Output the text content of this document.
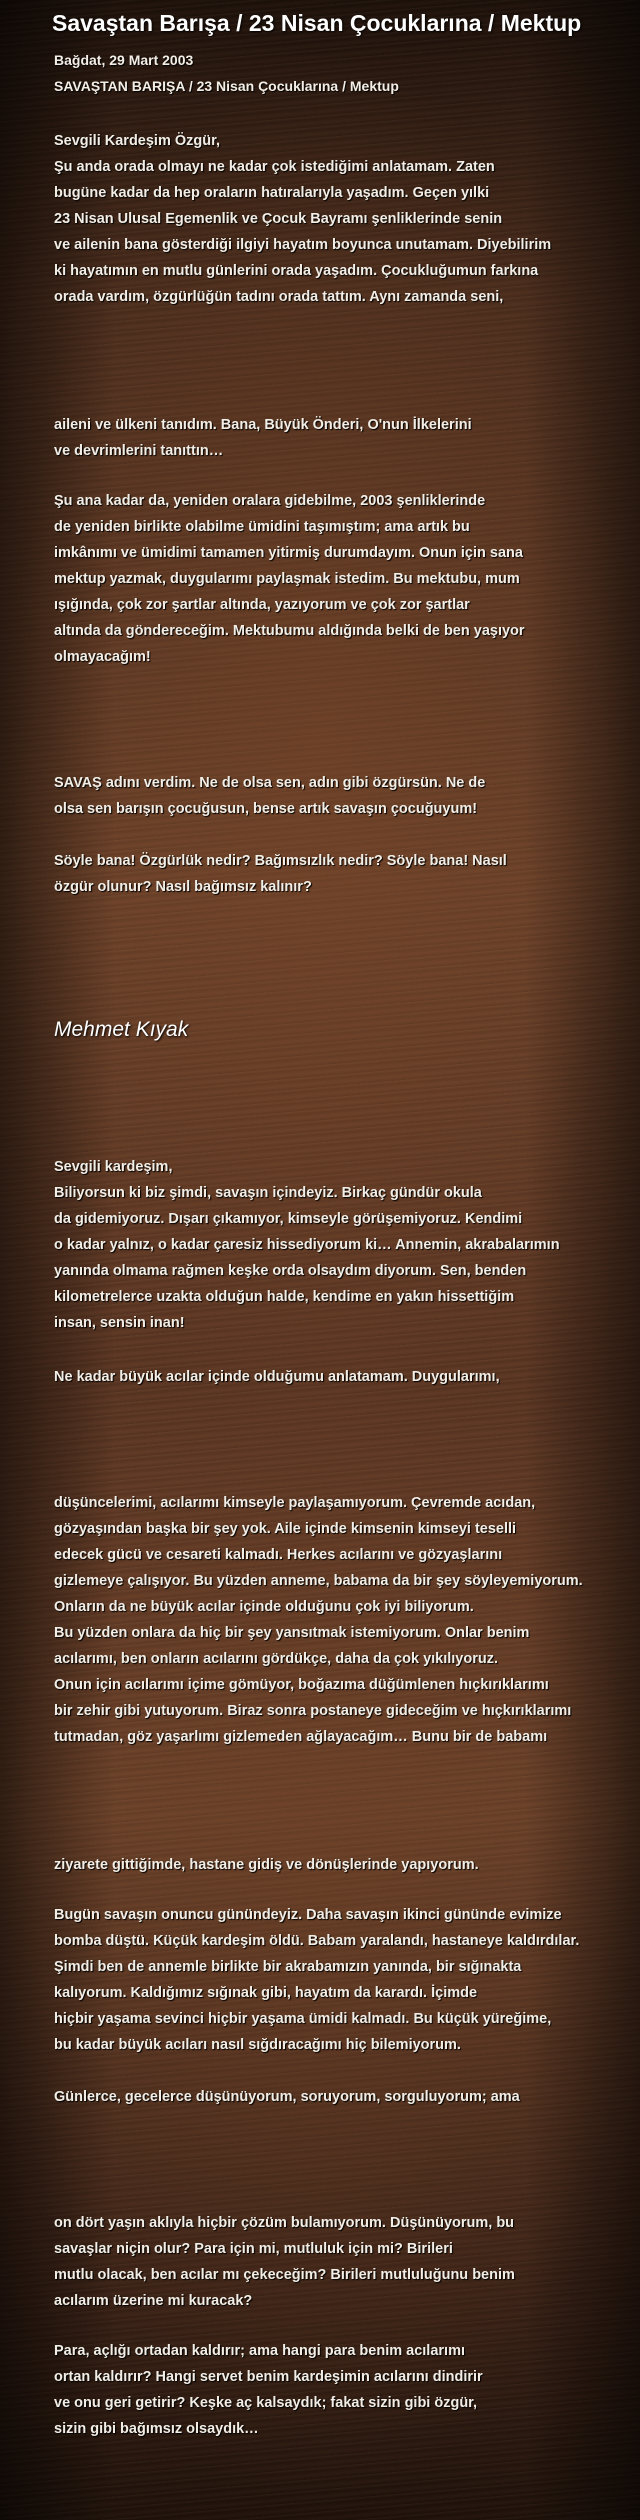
Savaştan Barışa / 23 Nisan Çocuklarına / Mektup
Bağdat, 29 Mart 2003
SAVAŞTAN BARIŞA / 23 Nisan Çocuklarına / Mektup
Sevgili Kardeşim Özgür,
Şu anda orada olmayı ne kadar çok istediğimi anlatamam. Zaten
bugüne kadar da hep oraların hatıralarıyla yaşadım. Geçen yılki
23 Nisan Ulusal Egemenlik ve Çocuk Bayramı şenliklerinde senin
ve ailenin bana gösterdiği ilgiyi hayatım boyunca unutamam. Diyebilirim
ki hayatımın en mutlu günlerini orada yaşadım. Çocukluğumun farkına
orada vardım, özgürlüğün tadını orada tattım. Aynı zamanda seni,
aileni ve ülkeni tanıdım. Bana, Büyük Önderi, O'nun İlkelerini
ve devrimlerini tanıttın…
Şu ana kadar da, yeniden oralara gidebilme, 2003 şenliklerinde
de yeniden birlikte olabilme ümidini taşımıştım; ama artık bu
imkânımı ve ümidimi tamamen yitirmiş durumdayım. Onun için sana
mektup yazmak, duygularımı paylaşmak istedim. Bu mektubu, mum
ışığında, çok zor şartlar altında, yazıyorum ve çok zor şartlar
altında da göndereceğim. Mektubumu aldığında belki de ben yaşıyor
olmayacağım!
SAVAŞ adını verdim. Ne de olsa sen, adın gibi özgürsün. Ne de
olsa sen barışın çocuğusun, bense artık savaşın çocuğuyum!
Söyle bana! Özgürlük nedir? Bağımsızlık nedir? Söyle bana! Nasıl
özgür olunur? Nasıl bağımsız kalınır?
Mehmet Kıyak
Sevgili kardeşim,
Biliyorsun ki biz şimdi, savaşın içindeyiz. Birkaç gündür okula
da gidemiyoruz. Dışarı çıkamıyor, kimseyle görüşemiyoruz. Kendimi
o kadar yalnız, o kadar çaresiz hissediyorum ki… Annemin, akrabalarımın
yanında olmama rağmen keşke orda olsaydım diyorum. Sen, benden
kilometrelerce uzakta olduğun halde, kendime en yakın hissettiğim
insan, sensin inan!
Ne kadar büyük acılar içinde olduğumu anlatamam. Duygularımı,
düşüncelerimi, acılarımı kimseyle paylaşamıyorum. Çevremde acıdan,
gözyaşından başka bir şey yok. Aile içinde kimsenin kimseyi teselli
edecek gücü ve cesareti kalmadı. Herkes acılarını ve gözyaşlarını
gizlemeye çalışıyor. Bu yüzden anneme, babama da bir şey söyleyemiyorum.
Onların da ne büyük acılar içinde olduğunu çok iyi biliyorum.
Bu yüzden onlara da hiç bir şey yansıtmak istemiyorum. Onlar benim
acılarımı, ben onların acılarını gördükçe, daha da çok yıkılıyoruz.
Onun için acılarımı içime gömüyor, boğazıma düğümlenen hıçkırıklarımı
bir zehir gibi yutuyorum. Biraz sonra postaneye gideceğim ve hıçkırıklarımı
tutmadan, göz yaşarlımı gizlemeden ağlayacağım… Bunu bir de babamı
ziyarete gittiğimde, hastane gidiş ve dönüşlerinde yapıyorum.
Bugün savaşın onuncu günündeyiz. Daha savaşın ikinci gününde evimize
bomba düştü. Küçük kardeşim öldü. Babam yaralandı, hastaneye kaldırdılar.
Şimdi ben de annemle birlikte bir akrabamızın yanında, bir sığınakta
kalıyorum. Kaldığımız sığınak gibi, hayatım da karardı. İçimde
hiçbir yaşama sevinci hiçbir yaşama ümidi kalmadı. Bu küçük yüreğime,
bu kadar büyük acıları nasıl sığdıracağımı hiç bilemiyorum.
Günlerce, gecelerce düşünüyorum, soruyorum, sorguluyorum; ama
on dört yaşın aklıyla hiçbir çözüm bulamıyorum. Düşünüyorum, bu
savaşlar niçin olur? Para için mi, mutluluk için mi? Birileri
mutlu olacak, ben acılar mı çekeceğim? Birileri mutluluğunu benim
acılarım üzerine mi kuracak?
Para, açlığı ortadan kaldırır; ama hangi para benim acılarımı
ortan kaldırır? Hangi servet benim kardeşimin acılarını dindirir
ve onu geri getirir? Keşke aç kalsaydık; fakat sizin gibi özgür,
sizin gibi bağımsız olsaydık…
